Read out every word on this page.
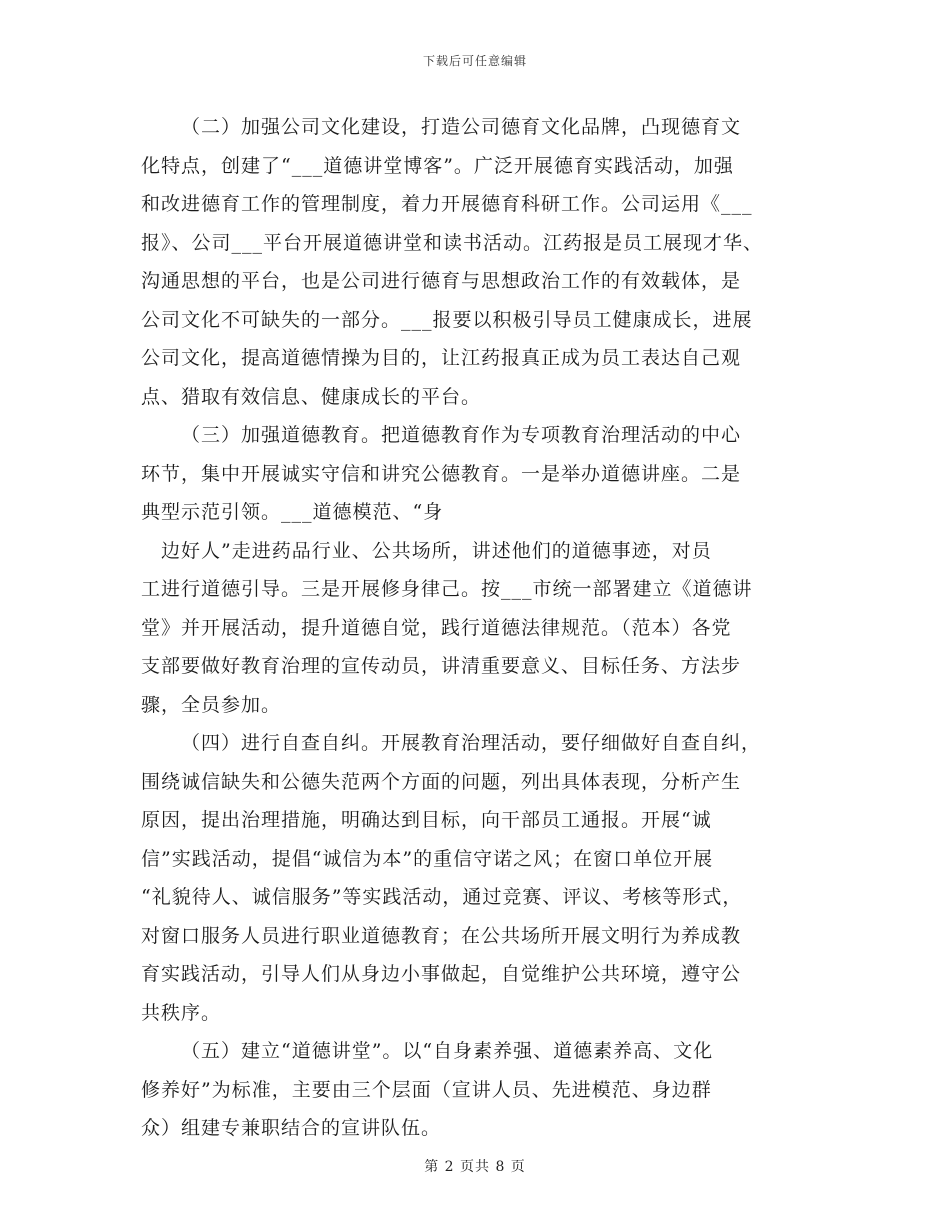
下载后可任意编辑
（二）加强公司文化建设，打造公司德育文化品牌，凸现德育文
化特点，创建了“___道德讲堂博客”。广泛开展德育实践活动，加强
和改进德育工作的管理制度，着力开展德育科研工作。公司运用《___
报》、公司___平台开展道德讲堂和读书活动。江药报是员工展现才华、
沟通思想的平台，也是公司进行德育与思想政治工作的有效载体，是
公司文化不可缺失的一部分。___报要以积极引导员工健康成长，进展
公司文化，提高道德情操为目的，让江药报真正成为员工表达自己观
点、猎取有效信息、健康成长的平台。
（三）加强道德教育。把道德教育作为专项教育治理活动的中心
环节，集中开展诚实守信和讲究公德教育。一是举办道德讲座。二是
典型示范引领。___道德模范、“身
边好人”走进药品行业、公共场所，讲述他们的道德事迹，对员
工进行道德引导。三是开展修身律己。按___市统一部署建立《道德讲
堂》并开展活动，提升道德自觉，践行道德法律规范。（范本）各党
支部要做好教育治理的宣传动员，讲清重要意义、目标任务、方法步
骤，全员参加。
（四）进行自查自纠。开展教育治理活动，要仔细做好自查自纠，
围绕诚信缺失和公德失范两个方面的问题，列出具体表现，分析产生
原因，提出治理措施，明确达到目标，向干部员工通报。开展“诚
信”实践活动，提倡“诚信为本”的重信守诺之风；在窗口单位开展
“礼貌待人、诚信服务”等实践活动，通过竞赛、评议、考核等形式，
对窗口服务人员进行职业道德教育；在公共场所开展文明行为养成教
育实践活动，引导人们从身边小事做起，自觉维护公共环境，遵守公
共秩序。
（五）建立“道德讲堂”。以“自身素养强、道德素养高、文化
修养好”为标准，主要由三个层面（宣讲人员、先进模范、身边群
众）组建专兼职结合的宣讲队伍。
第 2 页共 8 页
